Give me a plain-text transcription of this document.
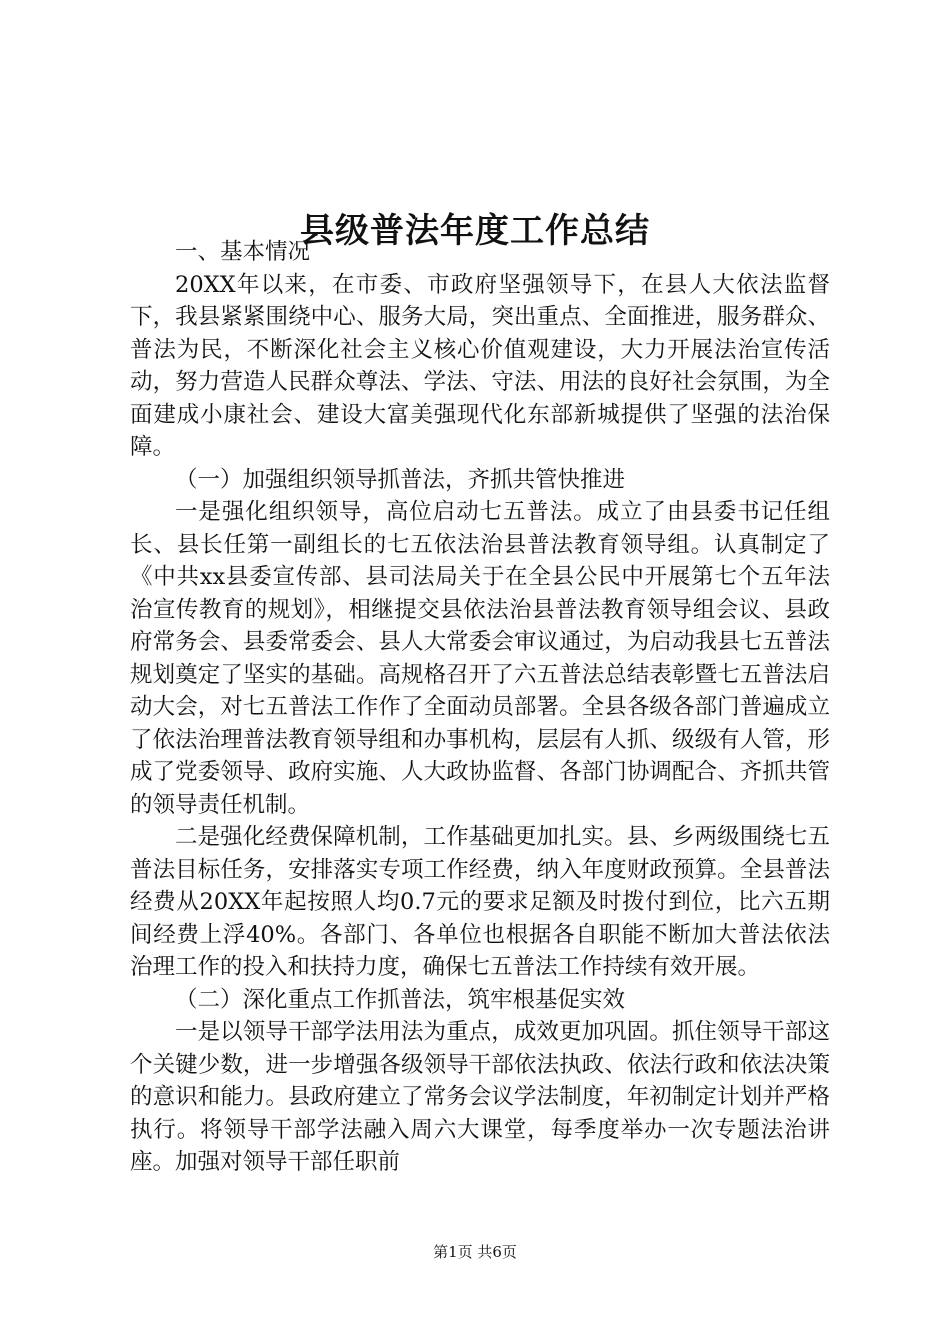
县级普法年度工作总结

一、基本情况

20XX年以来，在市委、市政府坚强领导下，在县人大依法监督下，我县紧紧围绕中心、服务大局，突出重点、全面推进，服务群众、普法为民，不断深化社会主义核心价值观建设，大力开展法治宣传活动，努力营造人民群众尊法、学法、守法、用法的良好社会氛围，为全面建成小康社会、建设大富美强现代化东部新城提供了坚强的法治保障。

（一）加强组织领导抓普法，齐抓共管快推进

一是强化组织领导，高位启动七五普法。成立了由县委书记任组长、县长任第一副组长的七五依法治县普法教育领导组。认真制定了《中共xx县委宣传部、县司法局关于在全县公民中开展第七个五年法治宣传教育的规划》，相继提交县依法治县普法教育领导组会议、县政府常务会、县委常委会、县人大常委会审议通过，为启动我县七五普法规划奠定了坚实的基础。高规格召开了六五普法总结表彰暨七五普法启动大会，对七五普法工作作了全面动员部署。全县各级各部门普遍成立了依法治理普法教育领导组和办事机构，层层有人抓、级级有人管，形成了党委领导、政府实施、人大政协监督、各部门协调配合、齐抓共管的领导责任机制。

二是强化经费保障机制，工作基础更加扎实。县、乡两级围绕七五普法目标任务，安排落实专项工作经费，纳入年度财政预算。全县普法经费从20XX年起按照人均0.7元的要求足额及时拨付到位，比六五期间经费上浮40%。各部门、各单位也根据各自职能不断加大普法依法治理工作的投入和扶持力度，确保七五普法工作持续有效开展。

（二）深化重点工作抓普法，筑牢根基促实效

一是以领导干部学法用法为重点，成效更加巩固。抓住领导干部这个关键少数，进一步增强各级领导干部依法执政、依法行政和依法决策的意识和能力。县政府建立了常务会议学法制度，年初制定计划并严格执行。将领导干部学法融入周六大课堂，每季度举办一次专题法治讲座。加强对领导干部任职前

第1页 共6页
